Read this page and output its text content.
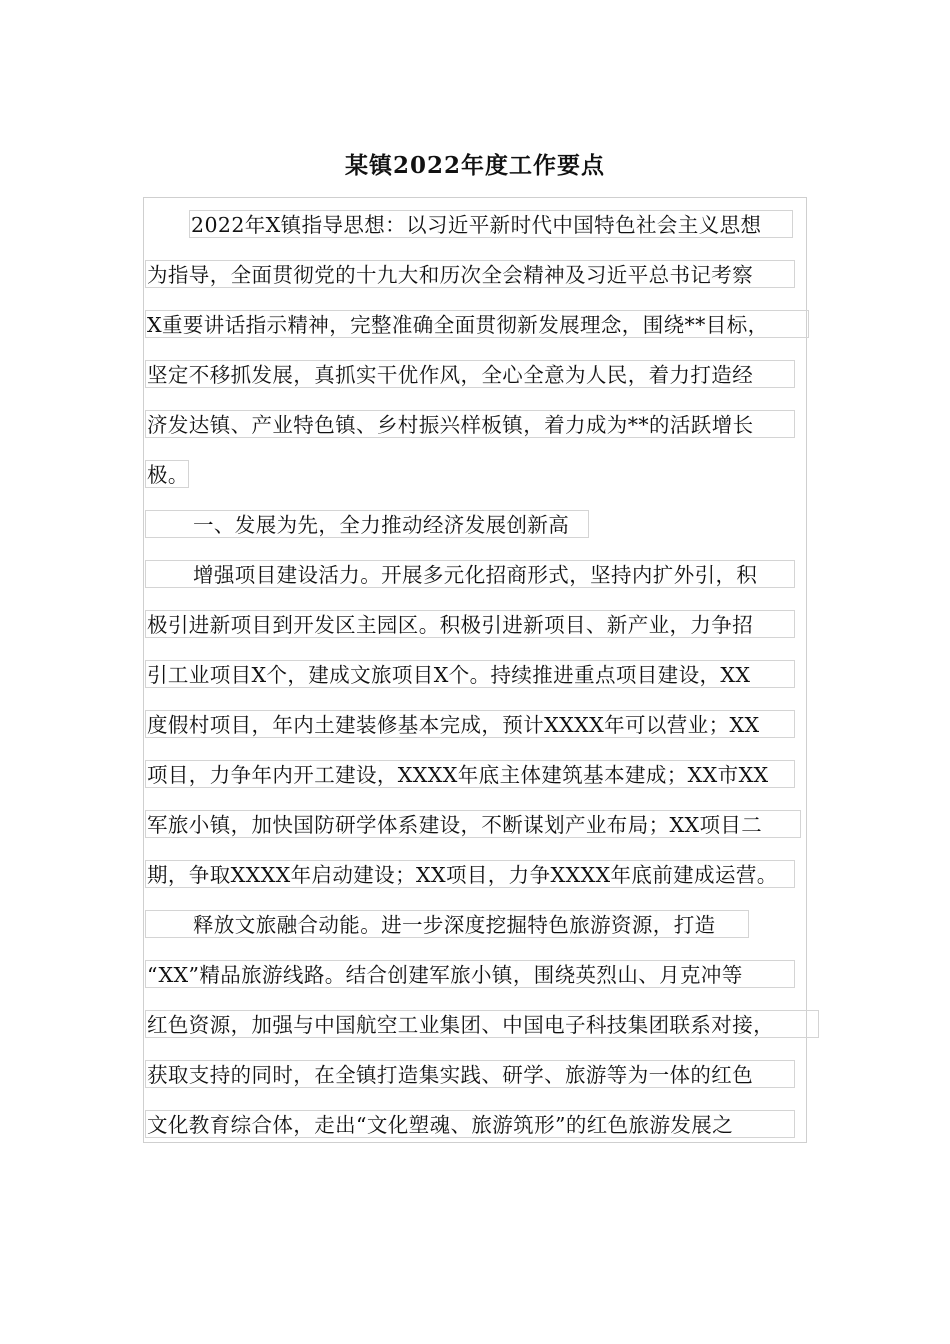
某镇2022年度工作要点
2022年X镇指导思想：以习近平新时代中国特色社会主义思想
为指导，全面贯彻党的十九大和历次全会精神及习近平总书记考察
X重要讲话指示精神，完整准确全面贯彻新发展理念，围绕**目标，
坚定不移抓发展，真抓实干优作风，全心全意为人民，着力打造经
济发达镇、产业特色镇、乡村振兴样板镇，着力成为**的活跃增长
极。
一、发展为先，全力推动经济发展创新高
增强项目建设活力。开展多元化招商形式，坚持内扩外引，积
极引进新项目到开发区主园区。积极引进新项目、新产业，力争招
引工业项目X个，建成文旅项目X个。持续推进重点项目建设，XX
度假村项目，年内土建装修基本完成，预计XXXX年可以营业；XX
项目，力争年内开工建设，XXXX年底主体建筑基本建成；XX市XX
军旅小镇，加快国防研学体系建设，不断谋划产业布局；XX项目二
期，争取XXXX年启动建设；XX项目，力争XXXX年底前建成运营。
释放文旅融合动能。进一步深度挖掘特色旅游资源，打造
“XX”精品旅游线路。结合创建军旅小镇，围绕英烈山、月克冲等
红色资源，加强与中国航空工业集团、中国电子科技集团联系对接，
获取支持的同时，在全镇打造集实践、研学、旅游等为一体的红色
文化教育综合体，走出“文化塑魂、旅游筑形”的红色旅游发展之
